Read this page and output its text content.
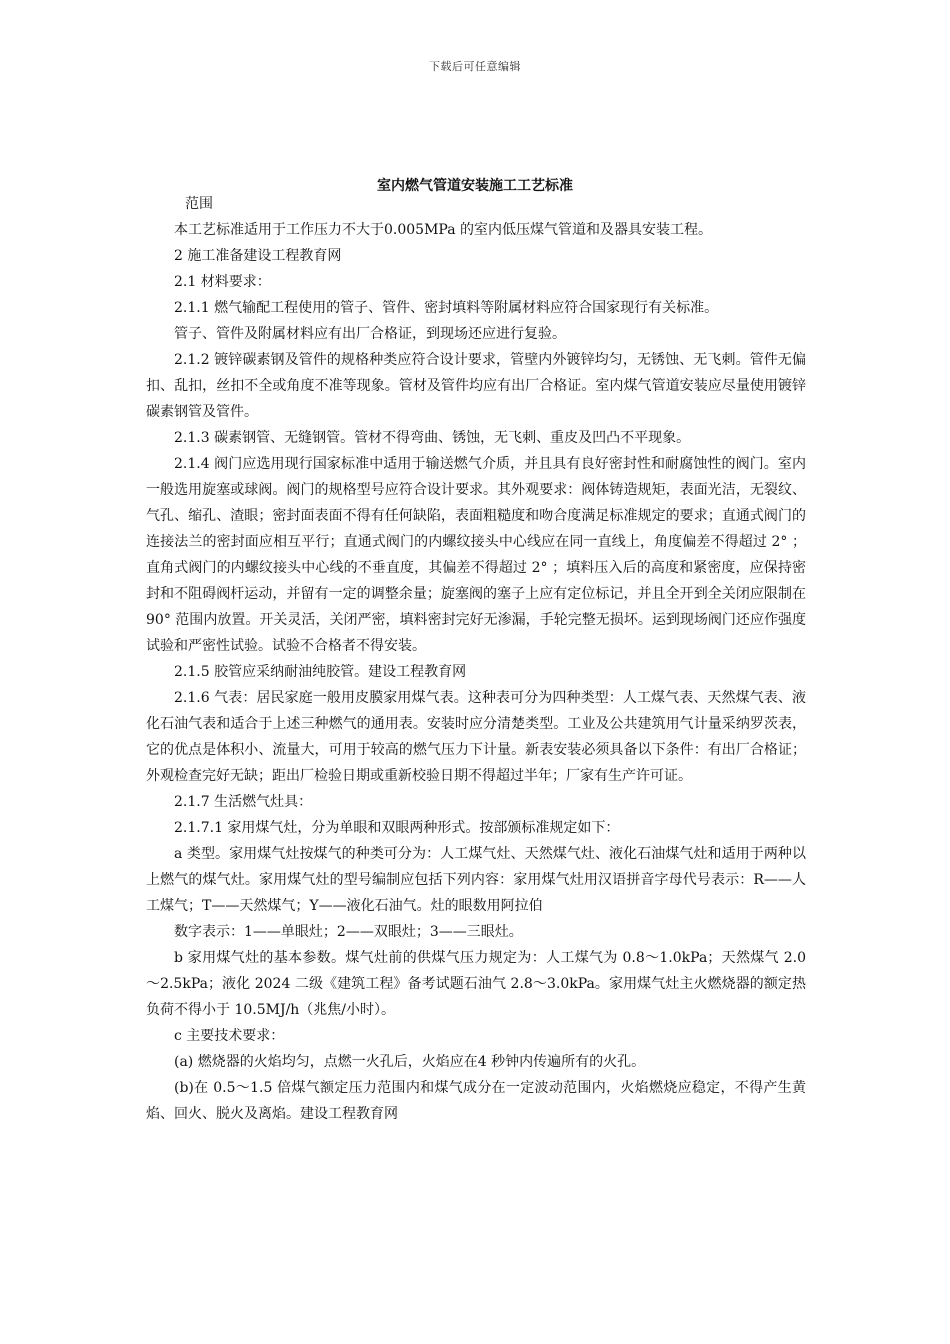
下载后可任意编辑
室内燃气管道安装施工工艺标准

范围

本工艺标准适用于工作压力不大于0.005MPa 的室内低压煤气管道和及器具安装工程。

2 施工准备建设工程教育网

2.1 材料要求：

2.1.1 燃气输配工程使用的管子、管件、密封填料等附属材料应符合国家现行有关标准。

管子、管件及附属材料应有出厂合格证，到现场还应进行复验。

2.1.2 镀锌碳素钢及管件的规格种类应符合设计要求，管壁内外镀锌均匀，无锈蚀、无飞刺。管件无偏扣、乱扣，丝扣不全或角度不准等现象。管材及管件均应有出厂合格证。室内煤气管道安装应尽量使用镀锌碳素钢管及管件。

2.1.3 碳素钢管、无缝钢管。管材不得弯曲、锈蚀，无飞刺、重皮及凹凸不平现象。

2.1.4 阀门应选用现行国家标准中适用于输送燃气介质，并且具有良好密封性和耐腐蚀性的阀门。室内一般选用旋塞或球阀。阀门的规格型号应符合设计要求。其外观要求：阀体铸造规矩，表面光洁，无裂纹、气孔、缩孔、渣眼；密封面表面不得有任何缺陷，表面粗糙度和吻合度满足标准规定的要求；直通式阀门的连接法兰的密封面应相互平行；直通式阀门的内螺纹接头中心线应在同一直线上，角度偏差不得超过 2° ；直角式阀门的内螺纹接头中心线的不垂直度，其偏差不得超过 2° ；填料压入后的高度和紧密度，应保持密封和不阻碍阀杆运动，并留有一定的调整余量；旋塞阀的塞子上应有定位标记，并且全开到全关闭应限制在 90° 范围内放置。开关灵活，关闭严密，填料密封完好无渗漏，手轮完整无损坏。运到现场阀门还应作强度试验和严密性试验。试验不合格者不得安装。

2.1.5 胶管应采纳耐油纯胶管。建设工程教育网

2.1.6 气表：居民家庭一般用皮膜家用煤气表。这种表可分为四种类型：人工煤气表、天然煤气表、液化石油气表和适合于上述三种燃气的通用表。安装时应分清楚类型。工业及公共建筑用气计量采纳罗茨表，它的优点是体积小、流量大，可用于较高的燃气压力下计量。新表安装必须具备以下条件：有出厂合格证；外观检查完好无缺；距出厂检验日期或重新校验日期不得超过半年；厂家有生产许可证。

2.1.7 生活燃气灶具：

2.1.7.1 家用煤气灶，分为单眼和双眼两种形式。按部颁标准规定如下：

a 类型。家用煤气灶按煤气的种类可分为：人工煤气灶、天然煤气灶、液化石油煤气灶和适用于两种以上燃气的煤气灶。家用煤气灶的型号编制应包括下列内容：家用煤气灶用汉语拼音字母代号表示：R——人工煤气；T——天然煤气；Y——液化石油气。灶的眼数用阿拉伯

数字表示：1——单眼灶；2——双眼灶；3——三眼灶。

b 家用煤气灶的基本参数。煤气灶前的供煤气压力规定为：人工煤气为 0.8～1.0kPa；天然煤气 2.0～2.5kPa；液化 2024 二级《建筑工程》备考试题石油气 2.8～3.0kPa。家用煤气灶主火燃烧器的额定热负荷不得小于 10.5MJ/h（兆焦/小时）。

c 主要技术要求：

(a) 燃烧器的火焰均匀，点燃一火孔后，火焰应在4 秒钟内传遍所有的火孔。

(b)在 0.5～1.5 倍煤气额定压力范围内和煤气成分在一定波动范围内，火焰燃烧应稳定，不得产生黄焰、回火、脱火及离焰。建设工程教育网
